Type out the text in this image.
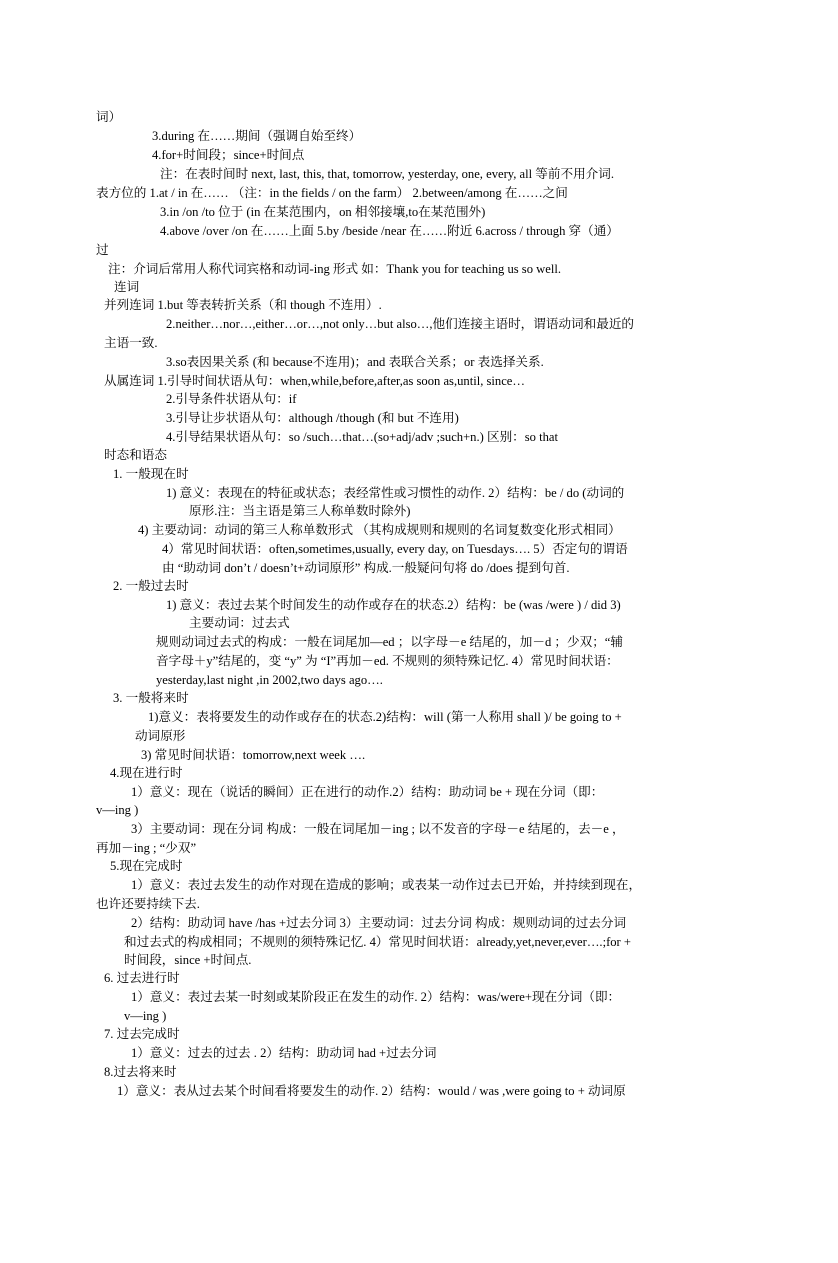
词）
3.during 在……期间（强调自始至终）
4.for+时间段；since+时间点
注：在表时间时 next, last, this, that, tomorrow, yesterday, one, every, all 等前不用介词.
表方位的 1.at / in 在…… （注：in the fields / on the farm） 2.between/among 在……之间
3.in /on /to 位于 (in 在某范围内，on 相邻接壤,to在某范围外)
4.above /over /on 在……上面 5.by /beside /near 在……附近 6.across / through 穿（通）
过
注：介词后常用人称代词宾格和动词-ing 形式 如：Thank you for teaching us so well.
连词
并列连词 1.but 等表转折关系（和 though 不连用）.
2.neither…nor…,either…or…,not only…but also…,他们连接主语时，谓语动词和最近的
主语一致.
3.so表因果关系 (和 because不连用)；and 表联合关系；or 表选择关系.
从属连词 1.引导时间状语从句：when,while,before,after,as soon as,until, since…
2.引导条件状语从句：if
3.引导让步状语从句：although /though (和 but 不连用)
4.引导结果状语从句：so /such…that…(so+adj/adv ;such+n.) 区别：so that
时态和语态
1. 一般现在时
1) 意义：表现在的特征或状态；表经常性或习惯性的动作. 2）结构：be / do (动词的
原形.注：当主语是第三人称单数时除外)
4) 主要动词：动词的第三人称单数形式 （其构成规则和规则的名词复数变化形式相同）
4）常见时间状语：often,sometimes,usually, every day, on Tuesdays…. 5）否定句的谓语
由 “助动词 don’t / doesn’t+动词原形” 构成.一般疑问句将 do /does 提到句首.
2. 一般过去时
1) 意义：表过去某个时间发生的动作或存在的状态.2）结构：be (was /were ) / did 3)
主要动词：过去式
规则动词过去式的构成：一般在词尾加—ed ；以字母－e 结尾的，加－d ；少双；“辅
音字母＋y”结尾的，变 “y” 为 “I”再加－ed. 不规则的须特殊记忆. 4）常见时间状语：
yesterday,last night ,in 2002,two days ago….
3. 一般将来时
1)意义：表将要发生的动作或存在的状态.2)结构：will (第一人称用 shall )/ be going to +
动词原形
3) 常见时间状语：tomorrow,next week ….
4.现在进行时
1）意义：现在（说话的瞬间）正在进行的动作.2）结构：助动词 be + 现在分词（即：
v—ing )
3）主要动词：现在分词 构成：一般在词尾加－ing ; 以不发音的字母－e 结尾的，去－e ，
再加－ing ; “少双”
5.现在完成时
1）意义：表过去发生的动作对现在造成的影响；或表某一动作过去已开始，并持续到现在，
也许还要持续下去.
2）结构：助动词 have /has +过去分词 3）主要动词：过去分词 构成：规则动词的过去分词
和过去式的构成相同；不规则的须特殊记忆. 4）常见时间状语：already,yet,never,ever….;for +
时间段，since +时间点.
6. 过去进行时
1）意义：表过去某一时刻或某阶段正在发生的动作. 2）结构：was/were+现在分词（即：
v—ing )
7. 过去完成时
1）意义：过去的过去 . 2）结构：助动词 had +过去分词
8.过去将来时
1）意义：表从过去某个时间看将要发生的动作. 2）结构：would / was ,were going to + 动词原
